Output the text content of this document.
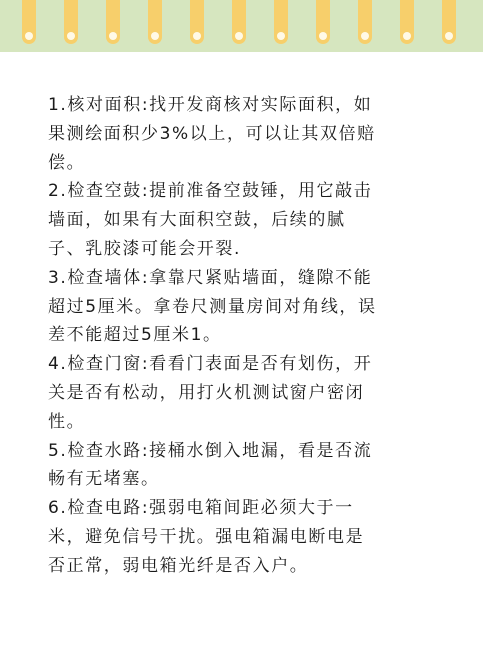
1.核对面积:找开发商核对实际面积，如
果测绘面积少3%以上，可以让其双倍赔
偿。
2.检查空鼓:提前准备空鼓锤，用它敲击
墙面，如果有大面积空鼓，后续的腻
子、乳胶漆可能会开裂.
3.检查墙体:拿靠尺紧贴墙面，缝隙不能
超过5厘米。拿卷尺测量房间对角线，误
差不能超过5厘米1。
4.检查门窗:看看门表面是否有划伤，开
关是否有松动，用打火机测试窗户密闭
性。
5.检查水路:接桶水倒入地漏，看是否流
畅有无堵塞。
6.检查电路:强弱电箱间距必须大于一
米，避免信号干扰。强电箱漏电断电是
否正常，弱电箱光纤是否入户。
